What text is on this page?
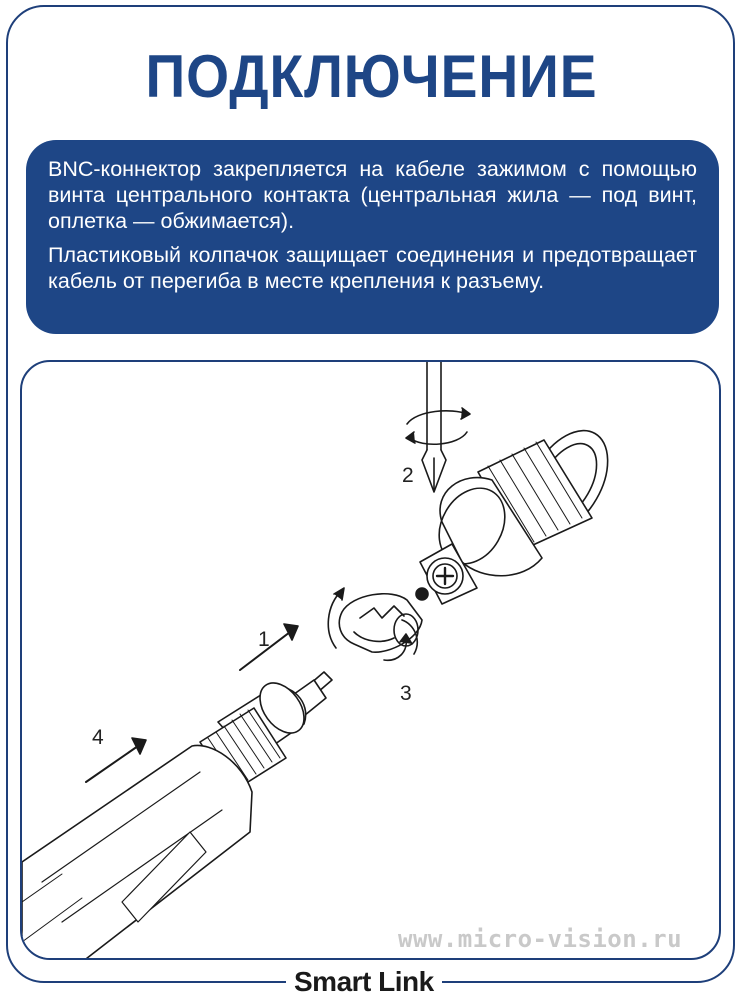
ПОДКЛЮЧЕНИЕ

BNC-коннектор закрепляется на кабеле зажимом с помощью винта центрального контакта (центральная жила — под винт, оплетка — обжимается).

Пластиковый колпачок защищает соединения и предотвращает кабель от перегиба в месте крепления к разъему.

1
2
3
4
www.micro-vision.ru
Smart Link
